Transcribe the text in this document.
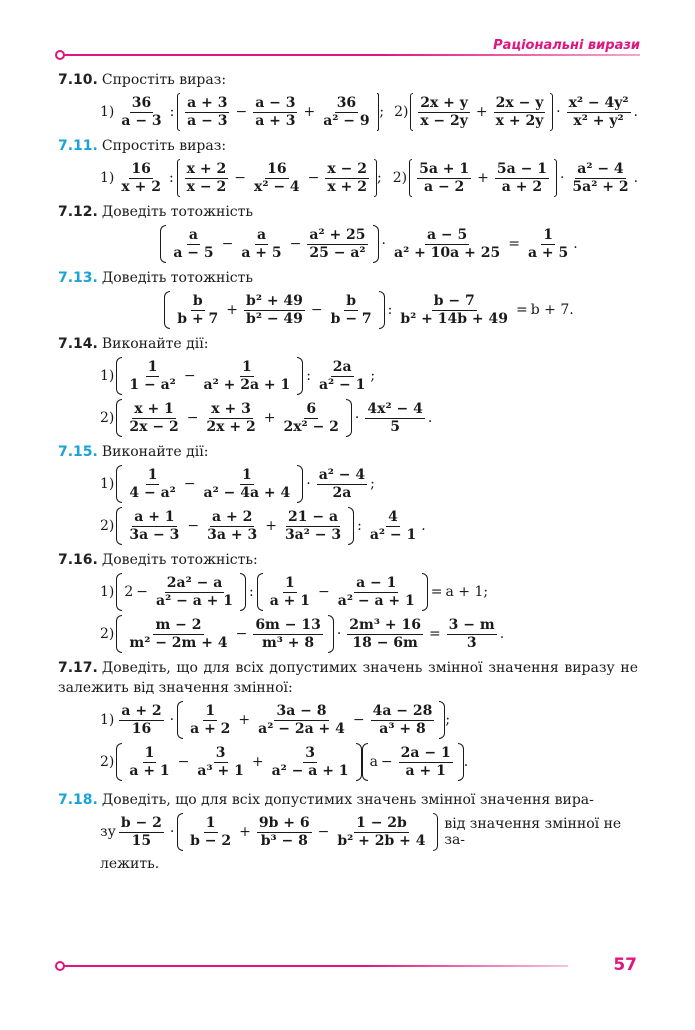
Раціональні вирази
7.10. Спростіть вираз:
$1) \frac{36}{a - 3}$ : $\frac{a + 3}{a - 3} - \frac{a - 3}{a + 3} + \frac{36}{\text{a² − 9}}$ ; $2) \frac{2x + y}{x - 2y} + \frac{2x - y}{x + 2y} \cdot \frac{\text{x² − 4y²}}{\text{x² + y²}}$ .
7.11. Спростіть вираз:
$1) \frac{16}{x + 2}$ : $\frac{x + 2}{x - 2} - \frac{16}{\text{x² − 4}} - \frac{x - 2}{x + 2}$ ; $2) \frac{5a + 1}{a - 2} + \frac{5a - 1}{a + 2} \cdot \frac{\text{a² − 4}}{\text{5a² + 2}}$ .
7.12. Доведіть тотожність
$\frac{a}{a - 5} - \frac{a}{a + 5} - \frac{\text{a² + 25}}{\text{25 − a²}} \cdot \frac{a - 5}{\text{a² + 10a + 25}} = \frac{1}{a + 5}$ .
7.13. Доведіть тотожність
$\frac{b}{b + 7} + \frac{\text{b² + 49}}{\text{b² − 49}} - \frac{b}{b - 7}$ : $\frac{b - 7}{\text{b² + 14b + 49}} = b + 7$ .
7.14. Виконайте дії:
$1) \frac{1}{\text{1 − a²}} - \frac{1}{\text{a² + 2a + 1}}$ : $\frac{2a}{\text{a² − 1}}$ ;
$2) \frac{x + 1}{2x - 2} - \frac{x + 3}{2x + 2} + \frac{6}{\text{2x² − 2}} \cdot \frac{\text{4x² − 4}}{5}$ .
7.15. Виконайте дії:
$1) \frac{1}{\text{4 − a²}} - \frac{1}{\text{a² − 4a + 4}} \cdot \frac{\text{a² − 4}}{2a}$ ;
$2) \frac{a + 1}{3a - 3} - \frac{a + 2}{3a + 3} + \frac{21 - a}{\text{3a² − 3}}$ : $\frac{4}{\text{a² − 1}}$ .
7.16. Доведіть тотожність:
1) $2 - \frac{\text{2a² − a}}{\text{a² − a + 1}}$ : $\frac{1}{a + 1} - \frac{a - 1}{\text{a² − a + 1}} = a + 1$ ;
$2) \frac{m - 2}{\text{m² − 2m + 4}} - \frac{6m - 13}{\text{m³ + 8}} \cdot \frac{\text{2m³ + 16}}{18 - 6m} = \frac{3 - m}{3}$ .
7.17. Доведіть, що для всіх допустимих значень змінної значення виразу не залежить від значення змінної:
$1) \frac{a + 2}{16} \cdot \frac{1}{a + 2} + \frac{3a - 8}{\text{a² − 2a + 4}} - \frac{4a - 28}{\text{a³ + 8}}$ ;
$2) \frac{1}{a + 1} - \frac{3}{\text{a³ + 1}} + \frac{3}{\text{a² − a + 1}}$ $a - \frac{2a - 1}{a + 1}$ .
7.18. Доведіть, що для всіх допустимих значень змінної значення вира-
зу $\frac{b - 2}{15} \cdot \frac{1}{b - 2} + \frac{9b + 6}{\text{b³ − 8}} - \frac{1 - 2b}{\text{b² + 2b + 4}}$ від значення змінної не за-
лежить.
57
